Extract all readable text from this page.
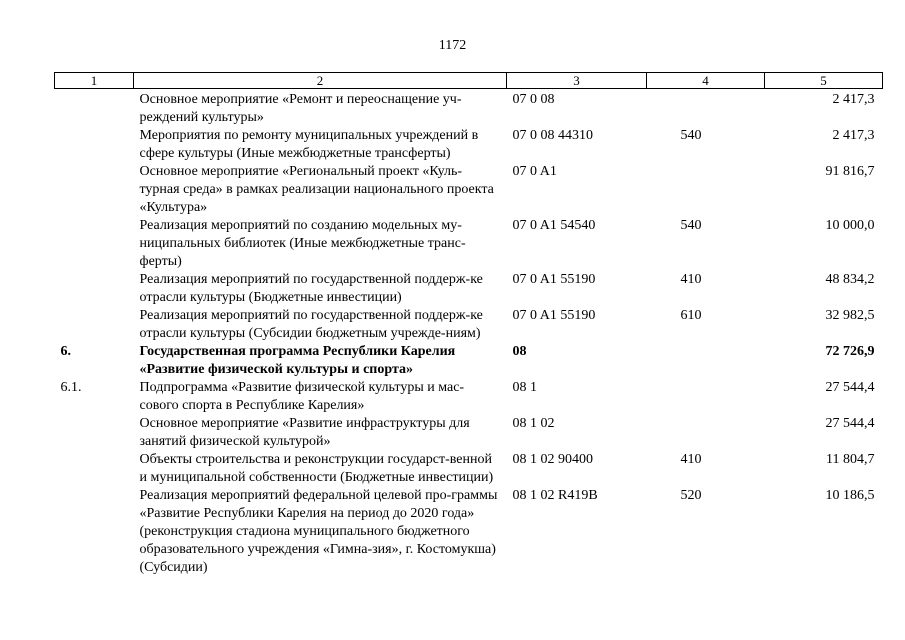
1172
1	2	3	4	5
	Основное мероприятие «Ремонт и переоснащение уч-реждений культуры»	07 0 08		2 417,3
	Мероприятия по ремонту муниципальных учреждений в сфере культуры (Иные межбюджетные трансферты)	07 0 08 44310	540	2 417,3
	Основное мероприятие «Региональный проект «Куль-турная среда» в рамках реализации национального проекта «Культура»	07 0 A1		91 816,7
	Реализация мероприятий по созданию модельных му-ниципальных библиотек (Иные межбюджетные транс-ферты)	07 0 A1 54540	540	10 000,0
	Реализация мероприятий по государственной поддерж-ке отрасли культуры (Бюджетные инвестиции)	07 0 A1 55190	410	48 834,2
	Реализация мероприятий по государственной поддерж-ке отрасли культуры (Субсидии бюджетным учрежде-ниям)	07 0 A1 55190	610	32 982,5
6.	Государственная программа Республики Карелия «Развитие физической культуры и спорта»	08		72 726,9
6.1.	Подпрограмма «Развитие физической культуры и мас-сового спорта в Республике Карелия»	08 1		27 544,4
	Основное мероприятие «Развитие инфраструктуры для занятий физической культурой»	08 1 02		27 544,4
	Объекты строительства и реконструкции государст-венной и муниципальной собственности (Бюджетные инвестиции)	08 1 02 90400	410	11 804,7
	Реализация мероприятий федеральной целевой про-граммы «Развитие Республики Карелия на период до 2020 года» (реконструкция стадиона муниципального бюджетного образовательного учреждения «Гимна-зия», г. Костомукша) (Субсидии)	08 1 02 R419B	520	10 186,5
